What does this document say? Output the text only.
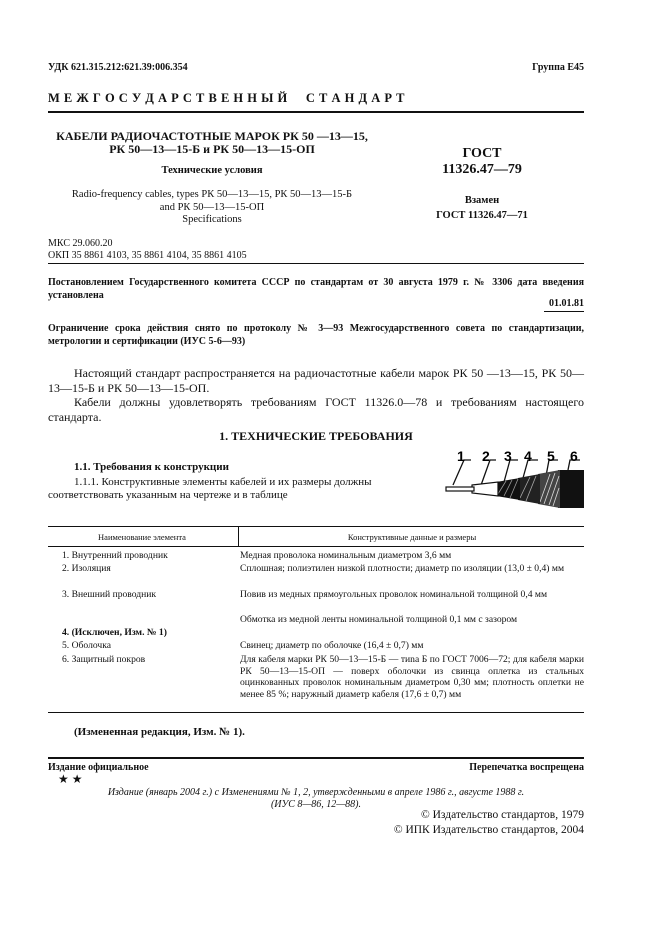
УДК 621.315.212:621.39:006.354	Группа Е45
М Е Ж Г О С У Д А Р С Т В Е Н Н Ы Й     С Т А Н Д А Р Т
КАБЕЛИ РАДИОЧАСТОТНЫЕ МАРОК РК 50 —13—15,
РК 50—13—15-Б и РК 50—13—15-ОП
Технические условия
Radio-frequency cables, types РК 50—13—15, РК 50—13—15-Б
and РК 50—13—15-ОП
Specifications
ГОСТ
11326.47—79
Взамен
ГОСТ 11326.47—71
МКС 29.060.20
ОКП 35 8861 4103, 35 8861 4104, 35 8861 4105
Постановлением Государственного комитета СССР по стандартам от 30 августа 1979 г. № 3306 дата введения установлена
01.01.81
Ограничение срока действия снято по протоколу № 3—93 Межгосударственного совета по стандартизации, метрологии и сертификации (ИУС 5-6—93)
Настоящий стандарт распространяется на радиочастотные кабели марок РК 50 —13—15, РК 50—13—15-Б и РК 50—13—15-ОП.
Кабели должны удовлетворять требованиям ГОСТ 11326.0—78 и требованиям настоящего стандарта.
1. ТЕХНИЧЕСКИЕ ТРЕБОВАНИЯ
1.1. Требования к конструкции
1.1.1. Конструктивные элементы кабелей и их размеры должны соответствовать указанным на чертеже и в таблице
1 2 3 4 5 6
Наименование элемента	Конструктивные данные и размеры
1. Внутренний проводник	Медная проволока номинальным диаметром 3,6 мм
2. Изоляция	Сплошная; полиэтилен низкой плотности; диаметр по изоляции (13,0 ± 0,4) мм
3. Внешний проводник	Повив из медных прямоугольных проволок номинальной толщиной 0,4 мм
Обмотка из медной ленты номинальной толщиной 0,1 мм с зазором
4. (Исключен, Изм. № 1)
5. Оболочка	Свинец; диаметр по оболочке (16,4 ± 0,7) мм
6. Защитный покров	Для кабеля марки РК 50—13—15-Б — тиnа Б по ГОСТ 7006—72; для кабеля марки РК 50—13—15-ОП — поверх оболочки из свинца оплетка из стальных оцинкованных проволок номинальным диаметром 0,30 мм; плотность оплетки не менее 85 %; наружный диаметр кабеля (17,6 ± 0,7) мм
(Измененная редакция, Изм. № 1).
Издание официальное	Перепечатка воспрещена
★ ★
Издание (январь 2004 г.) с Изменениями № 1, 2, утвержденными в апреле 1986 г., августе 1988 г.
(ИУС 8—86, 12—88).
© Издательство стандартов, 1979
© ИПК Издательство стандартов, 2004
